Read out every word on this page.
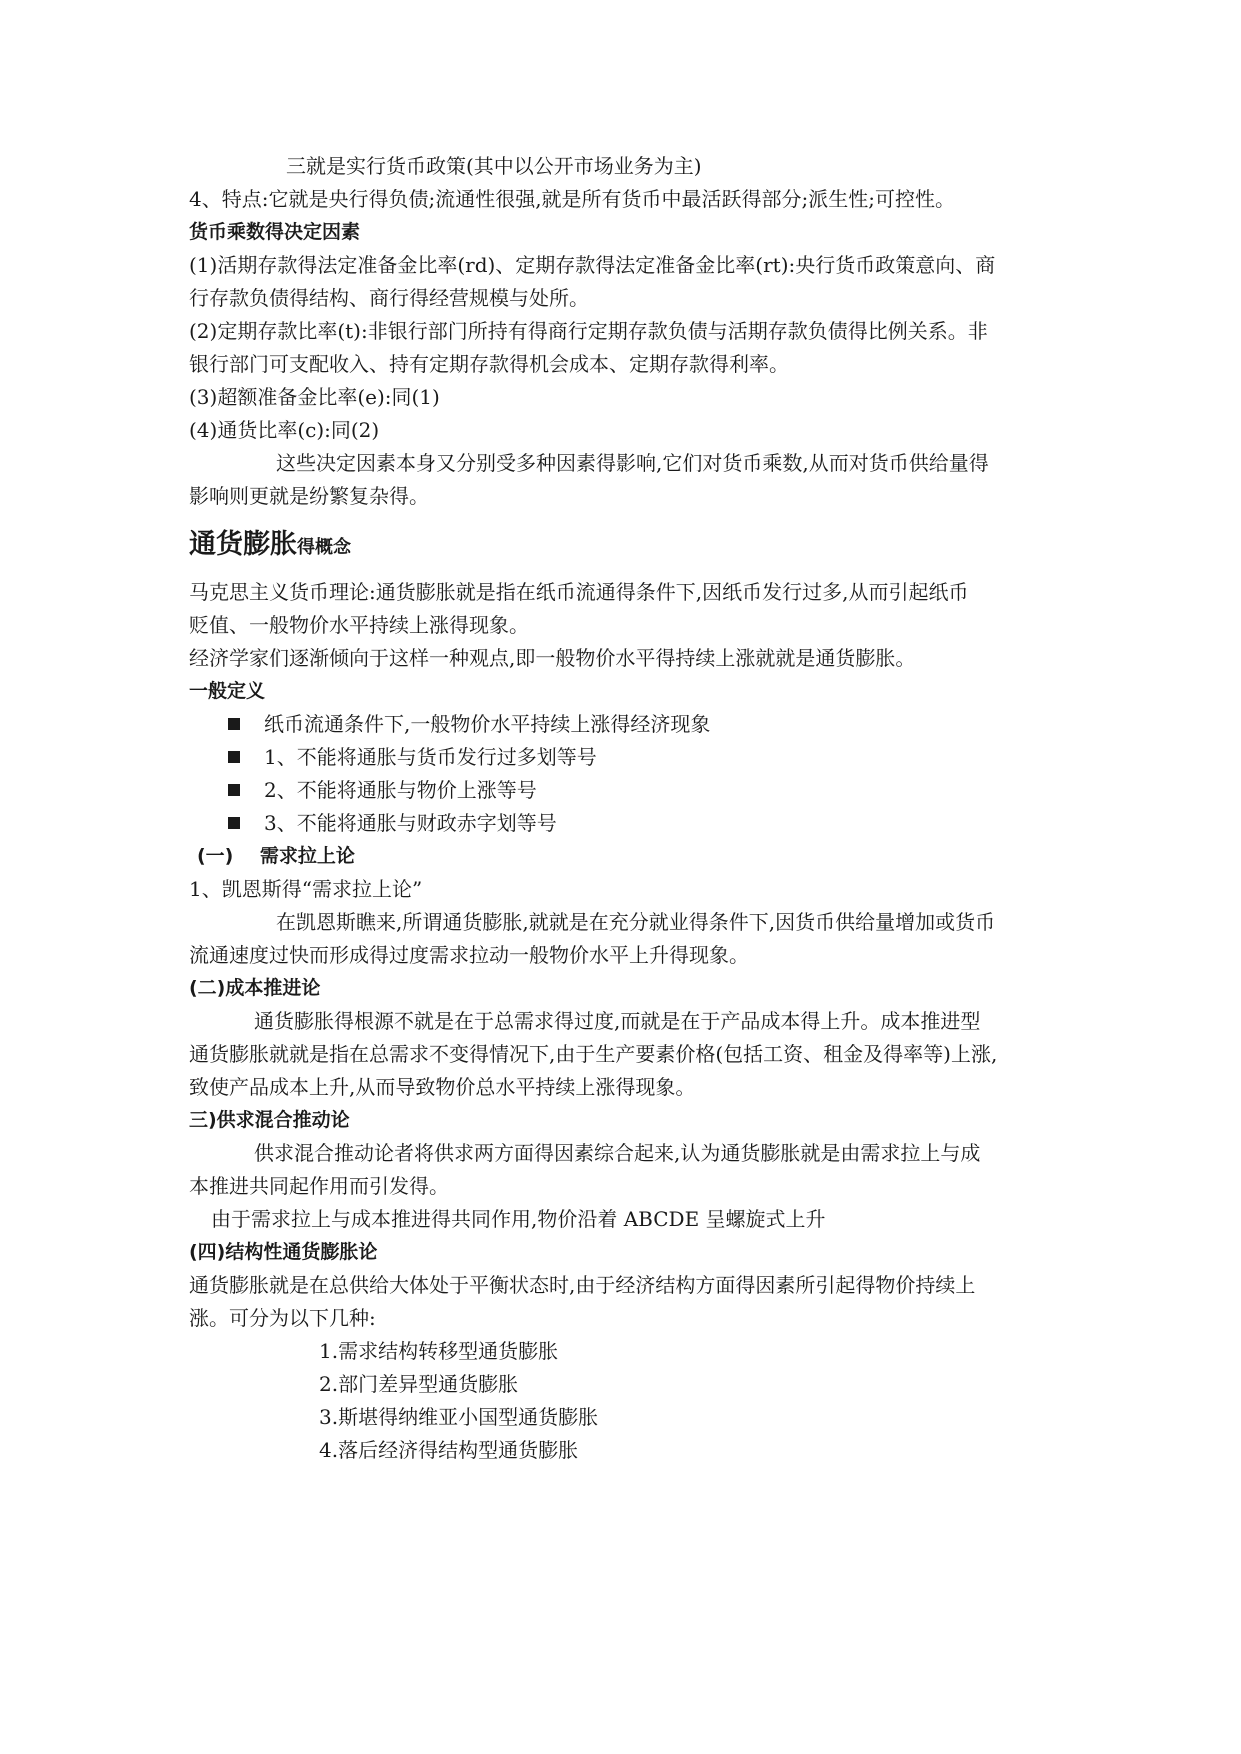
三就是实行货币政策(其中以公开市场业务为主)
4、特点:它就是央行得负债;流通性很强,就是所有货币中最活跃得部分;派生性;可控性。
货币乘数得决定因素
(1)活期存款得法定准备金比率(rd)、定期存款得法定准备金比率(rt):央行货币政策意向、商
行存款负债得结构、商行得经营规模与处所。
(2)定期存款比率(t):非银行部门所持有得商行定期存款负债与活期存款负债得比例关系。非
银行部门可支配收入、持有定期存款得机会成本、定期存款得利率。
(3)超额准备金比率(e):同(1)
(4)通货比率(c):同(2)
这些决定因素本身又分别受多种因素得影响,它们对货币乘数,从而对货币供给量得
影响则更就是纷繁复杂得。
通货膨胀得概念
马克思主义货币理论:通货膨胀就是指在纸币流通得条件下,因纸币发行过多,从而引起纸币
贬值、一般物价水平持续上涨得现象。
经济学家们逐渐倾向于这样一种观点,即一般物价水平得持续上涨就就是通货膨胀。
一般定义
纸币流通条件下,一般物价水平持续上涨得经济现象
1、不能将通胀与货币发行过多划等号
2、不能将通胀与物价上涨等号
3、不能将通胀与财政赤字划等号
(一)    需求拉上论
1、凯恩斯得“需求拉上论”
在凯恩斯瞧来,所谓通货膨胀,就就是在充分就业得条件下,因货币供给量增加或货币
流通速度过快而形成得过度需求拉动一般物价水平上升得现象。
(二)成本推进论
通货膨胀得根源不就是在于总需求得过度,而就是在于产品成本得上升。成本推进型
通货膨胀就就是指在总需求不变得情况下,由于生产要素价格(包括工资、租金及得率等)上涨,
致使产品成本上升,从而导致物价总水平持续上涨得现象。
三)供求混合推动论
供求混合推动论者将供求两方面得因素综合起来,认为通货膨胀就是由需求拉上与成
本推进共同起作用而引发得。
由于需求拉上与成本推进得共同作用,物价沿着 ABCDE 呈螺旋式上升
(四)结构性通货膨胀论
通货膨胀就是在总供给大体处于平衡状态时,由于经济结构方面得因素所引起得物价持续上
涨。可分为以下几种:
1.需求结构转移型通货膨胀
2.部门差异型通货膨胀
3.斯堪得纳维亚小国型通货膨胀
4.落后经济得结构型通货膨胀
